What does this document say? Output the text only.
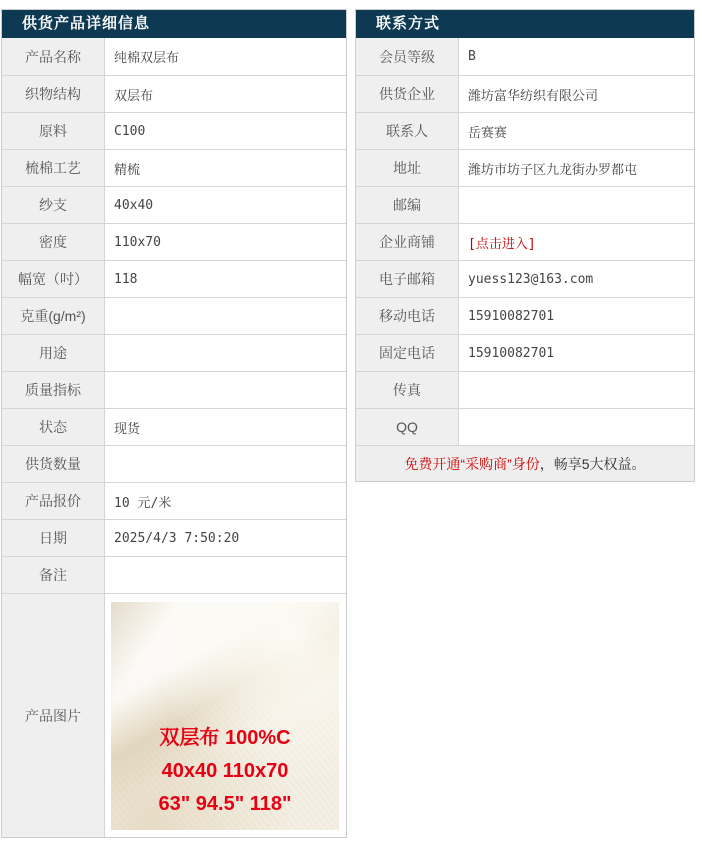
供货产品详细信息
产品名称	纯棉双层布
织物结构	双层布
原料	C100
梳棉工艺	精梳
纱支	40x40
密度	110x70
幅宽（吋）	118
克重(g/m²)
用途
质量指标
状态	现货
供货数量
产品报价	10 元/米
日期	2025/4/3 7:50:20
备注
产品图片
双层布 100%C
40x40 110x70
63" 94.5" 118"
联系方式
会员等级	B
供货企业	潍坊富华纺织有限公司
联系人	岳赛赛
地址	潍坊市坊子区九龙街办罗都屯
邮编
企业商铺	[点击进入]
电子邮箱	yuess123@163.com
移动电话	15910082701
固定电话	15910082701
传真
QQ
免费开通“采购商”身份 ，畅享5大权益。
